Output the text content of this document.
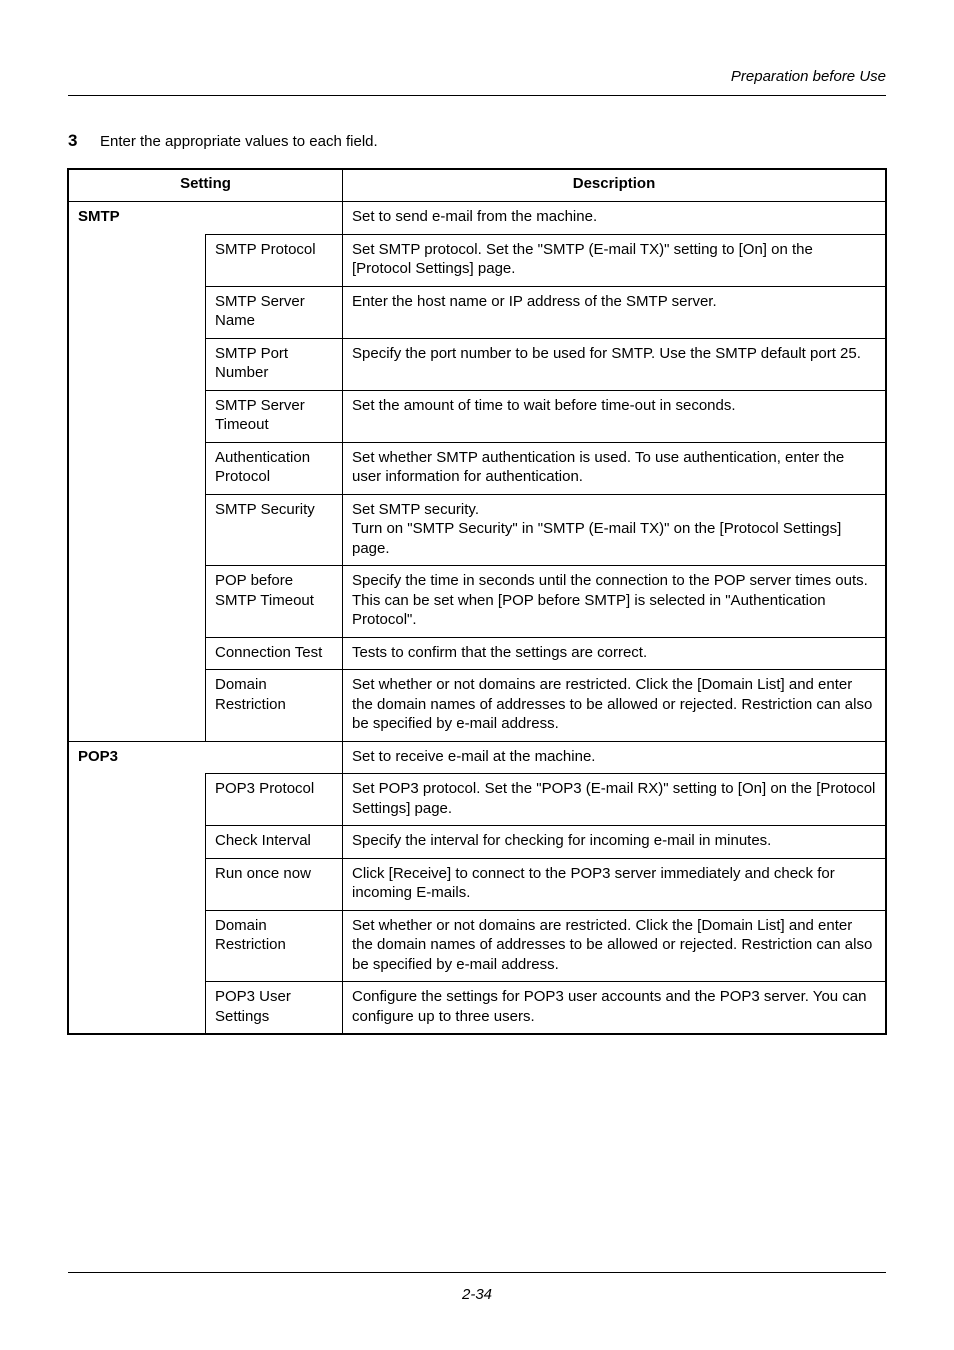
Preparation before Use
3	Enter the appropriate values to each field.
Setting		Description
SMTP		Set to send e-mail from the machine.
	SMTP Protocol	Set SMTP protocol. Set the "SMTP (E-mail TX)" setting to [On] on the [Protocol Settings] page.
	SMTP Server Name	Enter the host name or IP address of the SMTP server.
	SMTP Port Number	Specify the port number to be used for SMTP. Use the SMTP default port 25.
	SMTP Server Timeout	Set the amount of time to wait before time-out in seconds.
	Authentication Protocol	Set whether SMTP authentication is used. To use authentication, enter the user information for authentication.
	SMTP Security	Set SMTP security.
Turn on "SMTP Security" in "SMTP (E-mail TX)" on the [Protocol Settings] page.
	POP before SMTP Timeout	Specify the time in seconds until the connection to the POP server times outs. This can be set when [POP before SMTP] is selected in "Authentication Protocol".
	Connection Test	Tests to confirm that the settings are correct.
	Domain Restriction	Set whether or not domains are restricted. Click the [Domain List] and enter the domain names of addresses to be allowed or rejected. Restriction can also be specified by e-mail address.
POP3		Set to receive e-mail at the machine.
	POP3 Protocol	Set POP3 protocol. Set the "POP3 (E-mail RX)" setting to [On] on the [Protocol Settings] page.
	Check Interval	Specify the interval for checking for incoming e-mail in minutes.
	Run once now	Click [Receive] to connect to the POP3 server immediately and check for incoming E-mails.
	Domain Restriction	Set whether or not domains are restricted. Click the [Domain List] and enter the domain names of addresses to be allowed or rejected. Restriction can also be specified by e-mail address.
	POP3 User Settings	Configure the settings for POP3 user accounts and the POP3 server. You can configure up to three users.
2-34
